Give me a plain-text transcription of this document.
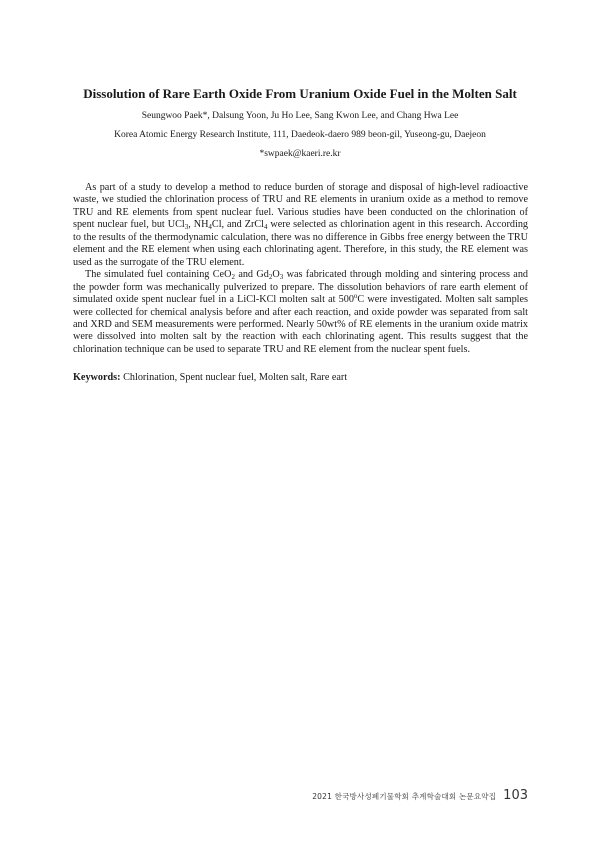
Dissolution of Rare Earth Oxide From Uranium Oxide Fuel in the Molten Salt
Seungwoo Paek*, Dalsung Yoon, Ju Ho Lee, Sang Kwon Lee, and Chang Hwa Lee
Korea Atomic Energy Research Institute, 111, Daedeok-daero 989 beon-gil, Yuseong-gu, Daejeon
*swpaek@kaeri.re.kr

As part of a study to develop a method to reduce burden of storage and disposal of high-level radioactive waste, we studied the chlorination process of TRU and RE elements in uranium oxide as a method to remove TRU and RE elements from spent nuclear fuel. Various studies have been conducted on the chlorination of spent nuclear fuel, but UCl$_3$, $NH_4Cl$, and ZrCl$_4$ were selected as chlorination agent in this research. According to the results of the thermodynamic calculation, there was no difference in Gibbs free energy between the TRU element and the RE element when using each chlorinating agent. Therefore, in this study, the RE element was used as the surrogate of the TRU element.

The simulated fuel containing CeO$_2$ and $Gd_2O_3$ was fabricated through molding and sintering process and the powder form was mechanically pulverized to prepare. The dissolution behaviors of rare earth element of simulated oxide spent nuclear fuel in a LiCl-KCl molten salt at 500$^o$C were investigated. Molten salt samples were collected for chemical analysis before and after each reaction, and oxide powder was separated from salt and XRD and SEM measurements were performed. Nearly 50wt% of RE elements in the uranium oxide matrix were dissolved into molten salt by the reaction with each chlorinating agent. This results suggest that the chlorination technique can be used to separate TRU and RE element from the nuclear spent fuels.

Keywords: Chlorination, Spent nuclear fuel, Molten salt, Rare eart
2021 한국방사성폐기물학회 추계학술대회 논문요약집 103
